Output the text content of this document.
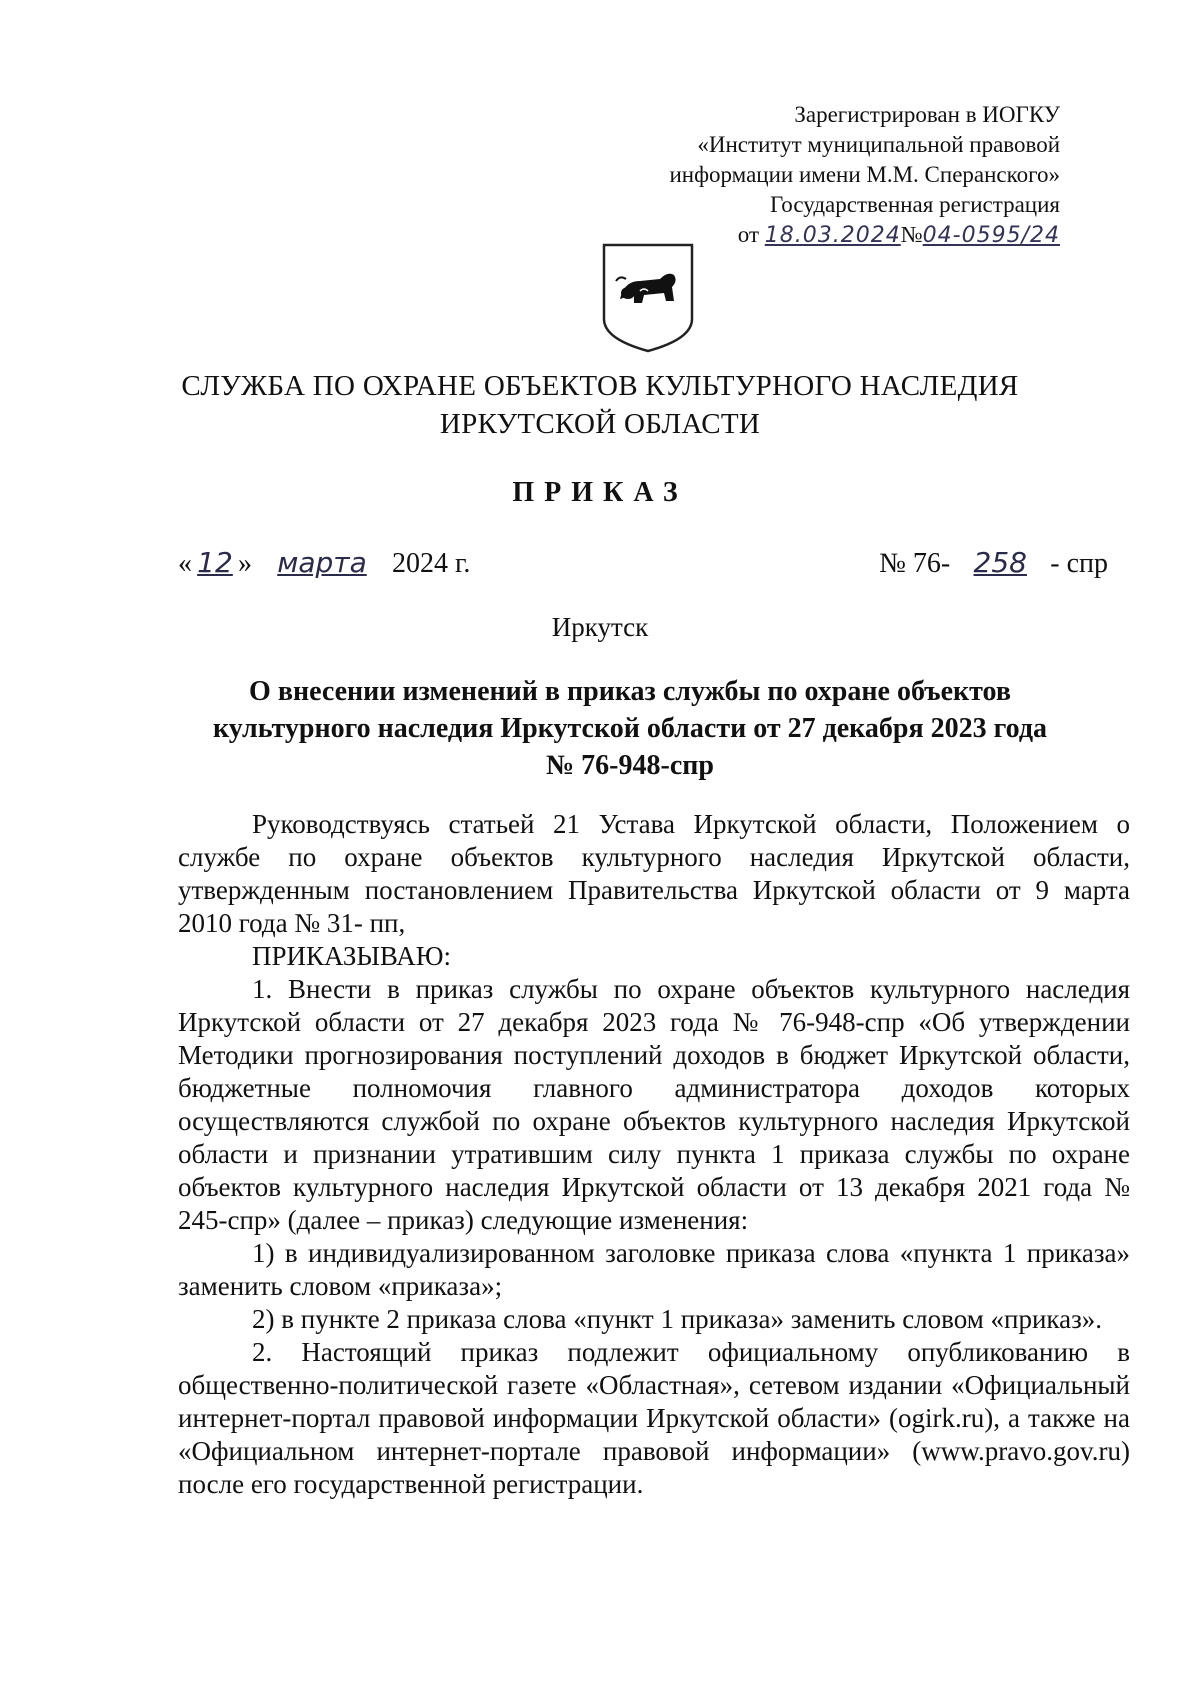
Зарегистрирован в ИОГКУ
«Институт муниципальной правовой
информации имени М.М. Сперанского»
Государственная регистрация
от 18.03.2024№04-0595/24
СЛУЖБА ПО ОХРАНЕ ОБЪЕКТОВ КУЛЬТУРНОГО НАСЛЕДИЯ
ИРКУТСКОЙ ОБЛАСТИ
ПРИКАЗ
« 12 » марта 2024 г.	№ 76- 258 - спр
Иркутск
О внесении изменений в приказ службы по охране объектов
культурного наследия Иркутской области от 27 декабря 2023 года
№ 76-948-спр

Руководствуясь статьей 21 Устава Иркутской области, Положением о службе по охране объектов культурного наследия Иркутской области, утвержденным постановлением Правительства Иркутской области от 9 марта 2010 года № 31- пп,

ПРИКАЗЫВАЮ:

1. Внести в приказ службы по охране объектов культурного наследия Иркутской области от 27 декабря 2023 года № 76-948-спр «Об утверждении Методики прогнозирования поступлений доходов в бюджет Иркутской области, бюджетные полномочия главного администратора доходов которых осуществляются службой по охране объектов культурного наследия Иркутской области и признании утратившим силу пункта 1 приказа службы по охране объектов культурного наследия Иркутской области от 13 декабря 2021 года № 245-спр» (далее – приказ) следующие изменения:

1) в индивидуализированном заголовке приказа слова «пункта 1 приказа» заменить словом «приказа»;

2) в пункте 2 приказа слова «пункт 1 приказа» заменить словом «приказ».

2. Настоящий приказ подлежит официальному опубликованию в общественно-политической газете «Областная», сетевом издании «Официальный интернет-портал правовой информации Иркутской области» (ogirk.ru), а также на «Официальном интернет-портале правовой информации» (www.pravo.gov.ru) после его государственной регистрации.
